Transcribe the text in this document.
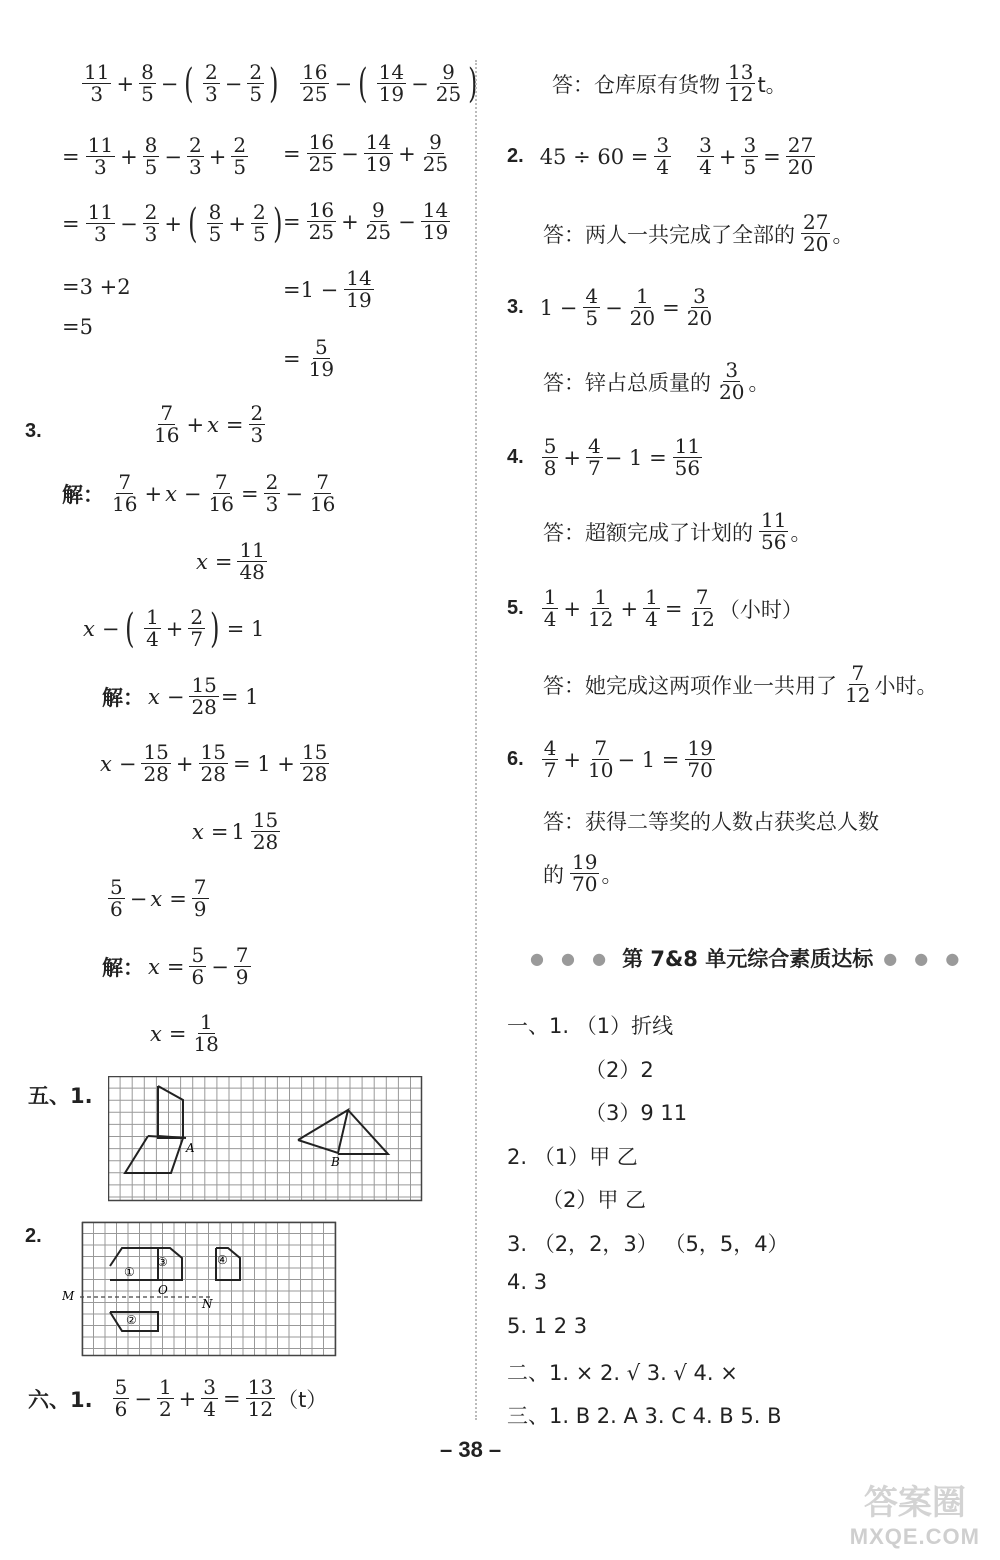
$\frac{11}{3} + \frac{8}{5}$ − ( $\frac{2}{3} - \frac{2}{5}$ )
= $\frac{11}{3} + \frac{8}{5} - \frac{2}{3} + \frac{2}{5}$
= $\frac{11}{3} - \frac{2}{3}$ + ( $\frac{8}{5} + \frac{2}{5}$ )
=3 +2
=5
$\frac{16}{25}$ − ( $\frac{14}{19} - \frac{9}{25}$ )
= $\frac{16}{25} - \frac{14}{19} + \frac{9}{25}$
= $\frac{16}{25} + \frac{9}{25} - \frac{14}{19}$
$=1 - \frac{14}{19}$
= $\frac{5}{19}$
3.	$\frac{7}{16} + x = \frac{2}{3}$
解： $\frac{7}{16} + x - \frac{7}{16} = \frac{2}{3} - \frac{7}{16}$
$x = \frac{11}{48}$
x − ( $\frac{1}{4} + \frac{2}{7}$ ) = 1
解： $x - \frac{15}{28} = 1$
$x - \frac{15}{28} + \frac{15}{28} = 1 + \frac{15}{28}$
$x = 1 \frac{15}{28}$
$\frac{5}{6} - x = \frac{7}{9}$
解： $x = \frac{5}{6} - \frac{7}{9}$
$x = \frac{1}{18}$
五、1.
A
B
2.
M
N
O
①
②
③	④
六、1. $\frac{5}{6} - \frac{1}{2} + \frac{3}{4} = \frac{13}{12} (t)$
答：仓库原有货物 $\frac{13}{12}$ t。
2. $45 \div 60 = \frac{3}{4} \frac{3}{4} + \frac{3}{5} = \frac{27}{20}$
答：两人一共完成了全部的 $\frac{27}{20}$ 。
3. $1 - \frac{4}{5} - \frac{1}{20} = \frac{3}{20}$
答：锌占总质量的 $\frac{3}{20}$ 。
4. $\frac{5}{8} + \frac{4}{7} - 1 = \frac{11}{56}$
答：超额完成了计划的 $\frac{11}{56}$ 。
5. $\frac{1}{4} + \frac{1}{12} + \frac{1}{4} = \frac{7}{12}$ （小时）
答：她完成这两项作业一共用了 $\frac{7}{12}$ 小时。
6. $\frac{4}{7} + \frac{7}{10} - 1 = \frac{19}{70}$
答：获得二等奖的人数占获奖总人数
的 $\frac{19}{70}$ 。
● ● ● 第 7&8 单元综合素质达标 ● ● ●
一、1. （1）折线
（2）2
（3）9 11
2. （1）甲 乙
（2）甲 乙
3. （2，2，3） （5，5，4）
4. 3
5. 1 2 3
二、1. × 2. √ 3. √ 4. ×
三、1. B 2. A 3. C 4. B 5. B
– 38 –
答案圈
MXQE.COM
